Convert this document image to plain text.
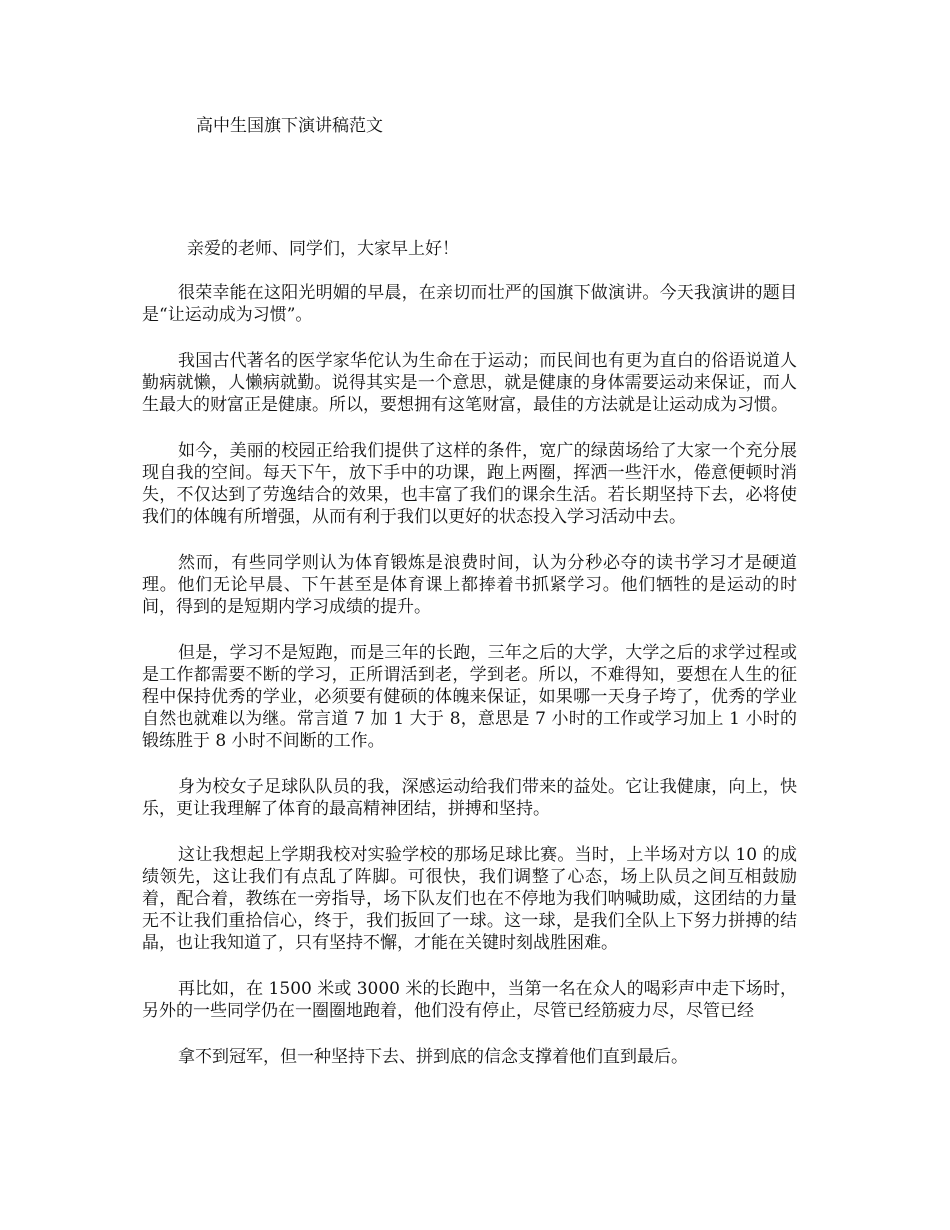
高中生国旗下演讲稿范文

亲爱的老师、同学们，大家早上好！

很荣幸能在这阳光明媚的早晨，在亲切而壮严的国旗下做演讲。今天我演讲的题目是“让运动成为习惯”。

我国古代著名的医学家华佗认为生命在于运动；而民间也有更为直白的俗语说道人勤病就懒，人懒病就勤。说得其实是一个意思，就是健康的身体需要运动来保证，而人生最大的财富正是健康。所以，要想拥有这笔财富，最佳的方法就是让运动成为习惯。

如今，美丽的校园正给我们提供了这样的条件，宽广的绿茵场给了大家一个充分展现自我的空间。每天下午，放下手中的功课，跑上两圈，挥洒一些汗水，倦意便顿时消失，不仅达到了劳逸结合的效果，也丰富了我们的课余生活。若长期坚持下去，必将使我们的体魄有所增强，从而有利于我们以更好的状态投入学习活动中去。

然而，有些同学则认为体育锻炼是浪费时间，认为分秒必夺的读书学习才是硬道理。他们无论早晨、下午甚至是体育课上都捧着书抓紧学习。他们牺牲的是运动的时间，得到的是短期内学习成绩的提升。

但是，学习不是短跑，而是三年的长跑，三年之后的大学，大学之后的求学过程或是工作都需要不断的学习，正所谓活到老，学到老。所以，不难得知，要想在人生的征程中保持优秀的学业，必须要有健硕的体魄来保证，如果哪一天身子垮了，优秀的学业自然也就难以为继。常言道 7 加 1 大于 8，意思是 7 小时的工作或学习加上 1 小时的锻练胜于 8 小时不间断的工作。

身为校女子足球队队员的我，深感运动给我们带来的益处。它让我健康，向上，快乐，更让我理解了体育的最高精神团结，拼搏和坚持。

这让我想起上学期我校对实验学校的那场足球比赛。当时，上半场对方以 10 的成绩领先，这让我们有点乱了阵脚。可很快，我们调整了心态，场上队员之间互相鼓励着，配合着，教练在一旁指导，场下队友们也在不停地为我们呐喊助威，这团结的力量无不让我们重拾信心，终于，我们扳回了一球。这一球，是我们全队上下努力拼搏的结晶，也让我知道了，只有坚持不懈，才能在关键时刻战胜困难。

再比如，在 1500 米或 3000 米的长跑中，当第一名在众人的喝彩声中走下场时，另外的一些同学仍在一圈圈地跑着，他们没有停止，尽管已经筋疲力尽，尽管已经

拿不到冠军，但一种坚持下去、拼到底的信念支撑着他们直到最后。
